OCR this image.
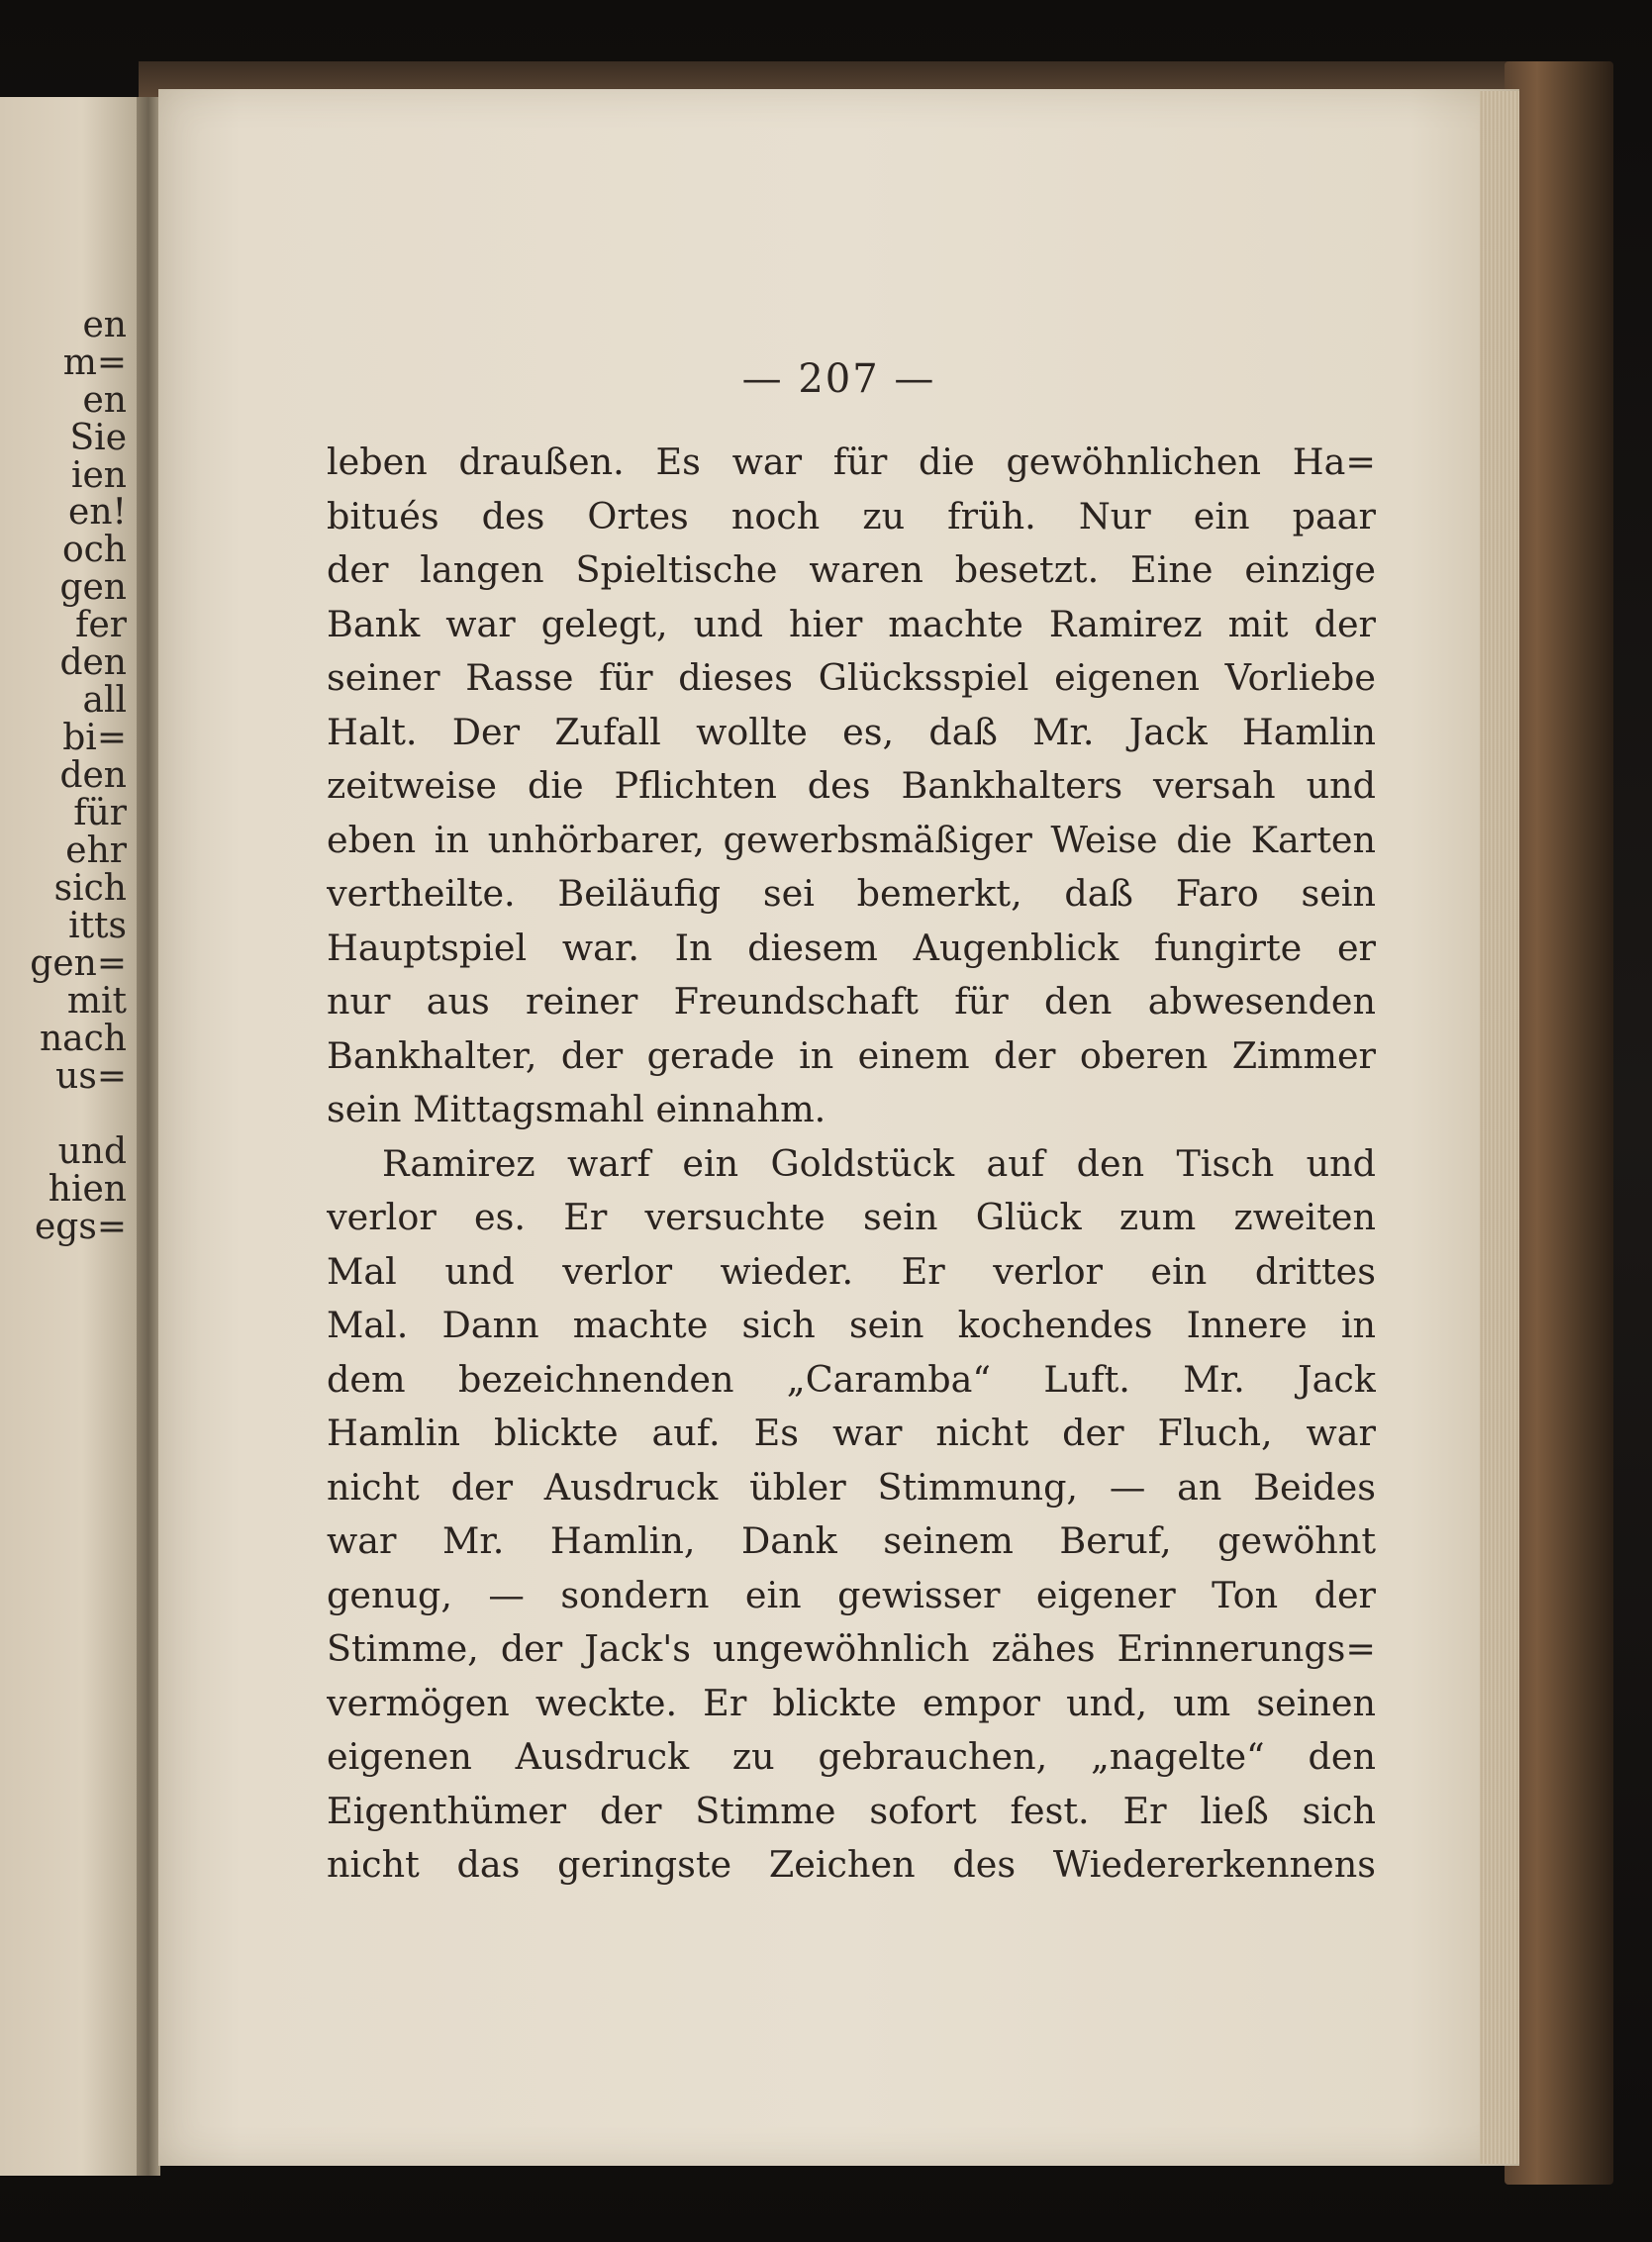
en
m=
en
Sie
ien
en!
och
gen
fer
den
all
bi=
den
für
ehr
sich
itts
gen=
mit
nach
us=
und
hien
egs=
— 207 —
leben draußen. Es war für die gewöhnlichen Ha=
bitués des Ortes noch zu früh. Nur ein paar
der langen Spieltische waren besetzt. Eine einzige
Bank war gelegt, und hier machte Ramirez mit der
seiner Rasse für dieses Glücksspiel eigenen Vorliebe
Halt. Der Zufall wollte es, daß Mr. Jack Hamlin
zeitweise die Pflichten des Bankhalters versah und
eben in unhörbarer, gewerbsmäßiger Weise die Karten
vertheilte. Beiläufig sei bemerkt, daß Faro sein
Hauptspiel war. In diesem Augenblick fungirte er
nur aus reiner Freundschaft für den abwesenden
Bankhalter, der gerade in einem der oberen Zimmer
sein Mittagsmahl einnahm.
Ramirez warf ein Goldstück auf den Tisch und
verlor es. Er versuchte sein Glück zum zweiten
Mal und verlor wieder. Er verlor ein drittes
Mal. Dann machte sich sein kochendes Innere in
dem bezeichnenden „Caramba“ Luft. Mr. Jack
Hamlin blickte auf. Es war nicht der Fluch, war
nicht der Ausdruck übler Stimmung, — an Beides
war Mr. Hamlin, Dank seinem Beruf, gewöhnt
genug, — sondern ein gewisser eigener Ton der
Stimme, der Jack's ungewöhnlich zähes Erinnerungs=
vermögen weckte. Er blickte empor und, um seinen
eigenen Ausdruck zu gebrauchen, „nagelte“ den
Eigenthümer der Stimme sofort fest. Er ließ sich
nicht das geringste Zeichen des Wiedererkennens
